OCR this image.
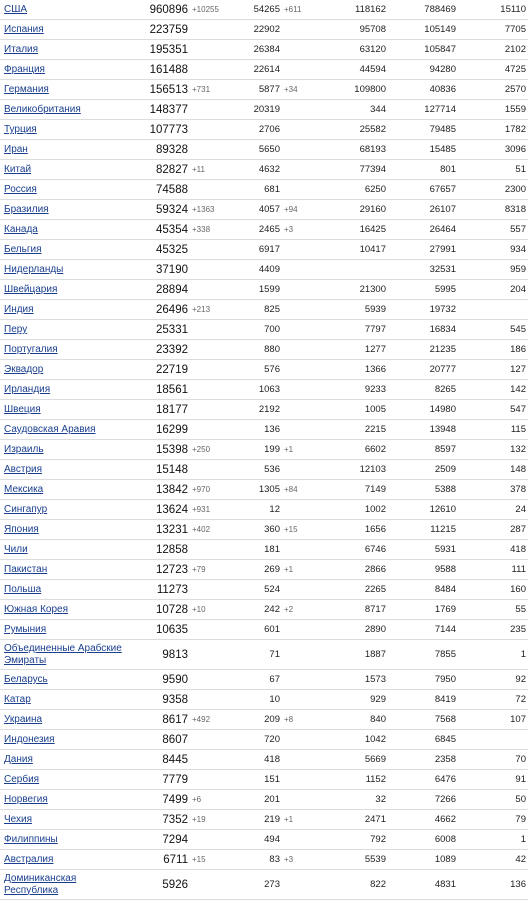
США	960896	+10255	54265	+611	118162	788469	15110
Испания	223759		22902		95708	105149	7705
Италия	195351		26384		63120	105847	2102
Франция	161488		22614		44594	94280	4725
Германия	156513	+731	5877	+34	109800	40836	2570
Великобритания	148377		20319		344	127714	1559
Турция	107773		2706		25582	79485	1782
Иран	89328		5650		68193	15485	3096
Китай	82827	+11	4632		77394	801	51
Россия	74588		681		6250	67657	2300
Бразилия	59324	+1363	4057	+94	29160	26107	8318
Канада	45354	+338	2465	+3	16425	26464	557
Бельгия	45325		6917		10417	27991	934
Нидерланды	37190		4409			32531	959
Швейцария	28894		1599		21300	5995	204
Индия	26496	+213	825		5939	19732	
Перу	25331		700		7797	16834	545
Португалия	23392		880		1277	21235	186
Эквадор	22719		576		1366	20777	127
Ирландия	18561		1063		9233	8265	142
Швеция	18177		2192		1005	14980	547
Саудовская Аравия	16299		136		2215	13948	115
Израиль	15398	+250	199	+1	6602	8597	132
Австрия	15148		536		12103	2509	148
Мексика	13842	+970	1305	+84	7149	5388	378
Сингапур	13624	+931	12		1002	12610	24
Япония	13231	+402	360	+15	1656	11215	287
Чили	12858		181		6746	5931	418
Пакистан	12723	+79	269	+1	2866	9588	111
Польша	11273		524		2265	8484	160
Южная Корея	10728	+10	242	+2	8717	1769	55
Румыния	10635		601		2890	7144	235
Объединенные Арабские Эмираты	9813		71		1887	7855	1
Беларусь	9590		67		1573	7950	92
Катар	9358		10		929	8419	72
Украина	8617	+492	209	+8	840	7568	107
Индонезия	8607		720		1042	6845	
Дания	8445		418		5669	2358	70
Сербия	7779		151		1152	6476	91
Норвегия	7499	+6	201		32	7266	50
Чехия	7352	+19	219	+1	2471	4662	79
Филиппины	7294		494		792	6008	1
Австралия	6711	+15	83	+3	5539	1089	42
Доминиканская Республика	5926		273		822	4831	136
